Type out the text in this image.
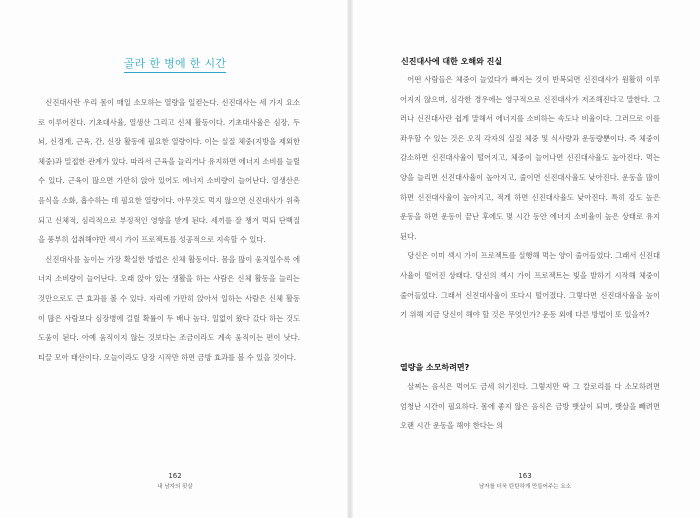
골라 한 병에 한 시간

신진대사란 우리 몸이 매일 소모하는 열량을 일컫는다. 신진대사는 세 가지 요소로 이루어진다. 기초대사율, 열생산 그리고 신체 활동이다. 기초대사율은 심장, 두뇌, 신경계, 근육, 간, 신장 활동에 필요한 열량이다. 이는 실질 체중(지방을 제외한 체중)과 밀접한 관계가 있다. 따라서 근육을 늘리거나 유지하면 에너지 소비를 늘릴 수 있다. 근육이 많으면 가만히 앉아 있어도 에너지 소비량이 늘어난다. 열생산은 음식을 소화, 흡수하는 데 필요한 열량이다. 아무것도 먹지 않으면 신진대사가 위축되고 신체적, 심리적으로 부정적인 영향을 받게 된다. 세끼를 잘 챙겨 먹되 단백질을 풍부히 섭취해야만 섹시 가이 프로젝트를 성공적으로 지속할 수 있다.

신진대사를 높이는 가장 확실한 방법은 신체 활동이다. 몸을 많이 움직일수록 에너지 소비량이 늘어난다. 오래 앉아 있는 생활을 하는 사람은 신체 활동을 늘리는 것만으로도 큰 효과를 볼 수 있다. 자리에 가만히 앉아서 일하는 사람은 신체 활동이 많은 사람보다 심장병에 걸릴 확률이 두 배나 높다. 일없이 왔다 갔다 하는 것도 도움이 된다. 아예 움직이지 않는 것보다는 조금이라도 계속 움직이는 편이 낫다. 티끌 모아 태산이다. 오늘이라도 당장 시작만 하면 금방 효과를 볼 수 있을 것이다.

162
내 남자의 핏살
신진대사에 대한 오해와 진실

어떤 사람들은 체중이 늘었다가 빠지는 것이 반복되면 신진대사가 원활히 이루어지지 않으며, 심각한 경우에는 영구적으로 신진대사가 저조해진다고 말한다. 그러나 신진대사란 쉽게 말해서 에너지를 소비하는 속도나 비율이다. 그러므로 이를 좌우할 수 있는 것은 오직 각자의 실질 체중 및 식사량과 운동량뿐이다. 즉 체중이 감소하면 신진대사율이 떨어지고, 체중이 늘어나면 신진대사율도 높아진다. 먹는 양을 늘리면 신진대사율이 높아지고, 줄이면 신진대사율도 낮아진다. 운동을 많이 하면 신진대사율이 높아지고, 적게 하면 신진대사율도 낮아진다. 특히 강도 높은 운동을 하면 운동이 끝난 후에도 몇 시간 동안 에너지 소비율이 높은 상태로 유지된다.

당신은 이미 섹시 가이 프로젝트를 실행해 먹는 양이 줄어들었다. 그래서 신진대사율이 떨어진 상태다. 당신의 섹시 가이 프로젝트는 빛을 발하기 시작해 체중이 줄어들었다. 그래서 신진대사율이 또다시 떨어졌다. 그렇다면 신진대사율을 높이기 위해 지금 당신이 해야 할 것은 무엇인가? 운동 외에 다른 방법이 또 있을까?

열량을 소모하려면?

살찌는 음식은 먹어도 금세 허기진다. 그렇지만 딱 그 칼로리를 다 소모하려면 엄청난 시간이 필요하다. 몸에 좋지 않은 음식은 금방 뱃살이 되며, 뱃살을 빼려면 오랜 시간 운동을 해야 한다는 의

163
남자를 더욱 탄탄하게 만들어주는 요소
